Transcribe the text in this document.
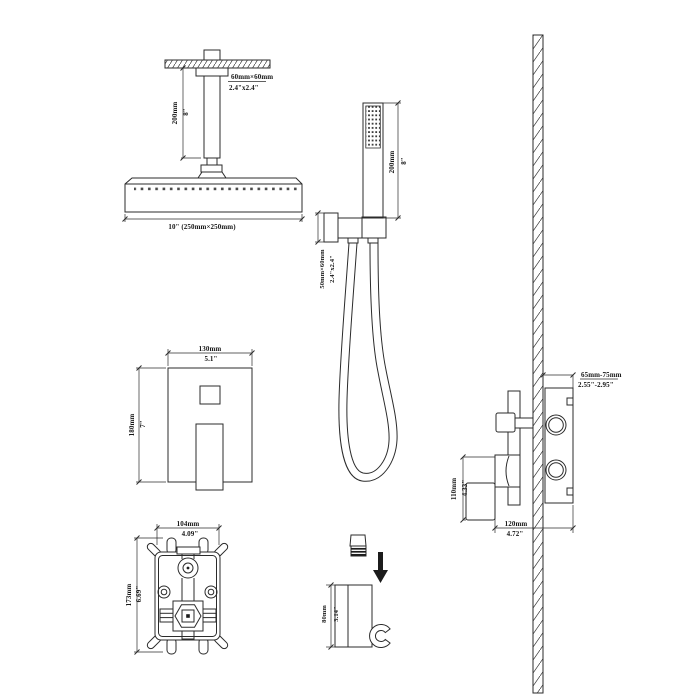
60mm×60mm
2.4"x2.4"
200mm 8"
10" (250mm×250mm)
200mm 8"
50mm×60mm 2.4"x2.4"
130mm
5.1"
180mm 7"
104mm
4.09"
173mm 6.69"
65mm-75mm
2.55"-2.95"
110mm 4.33"
120mm
4.72"
80mm 3.14"
